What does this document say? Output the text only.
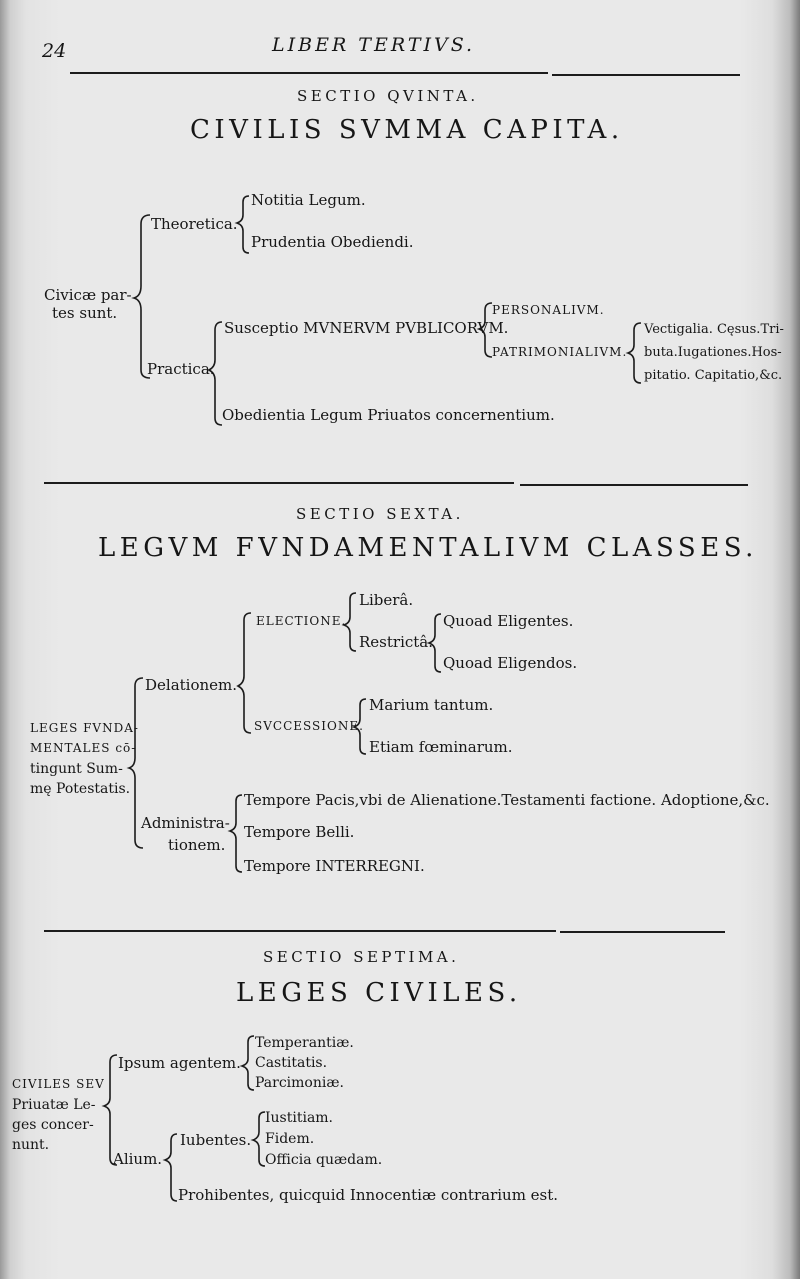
24	LIBER TERTIVS.
SECTIO QVINTA.
CIVILIS SVMMA CAPITA.
Civicæ par-
tes sunt.
Theoretica.
Notitia Legum.
Prudentia Obediendi.
Practica.
Susceptio MVNERVM PVBLICORVM.
PERSONALIVM.
PATRIMONIALIVM.
Vectigalia. Cęsus.Tri-
buta.Iugationes.Hos-
pitatio. Capitatio,&c.
Obedientia Legum Priuatos concernentium.
SECTIO SEXTA.
LEGVM FVNDAMENTALIVM CLASSES.
LEGES FVNDA-
MENTALES cō-
tingunt Sum-
mę Potestatis.
Delationem.
ELECTIONE.
Liberâ.
Restrictâ.
Quoad Eligentes.
Quoad Eligendos.
SVCCESSIONE.
Marium tantum.
Etiam fœminarum.
Administra-
tionem.
Tempore Pacis,vbi de Alienatione.Testamenti factione. Adoptione,&c.
Tempore Belli.
Tempore INTERREGNI.
SECTIO SEPTIMA.
LEGES CIVILES.
CIVILES SEV
Priuatæ Le-
ges concer-
nunt.
Ipsum agentem.
Temperantiæ.
Castitatis.
Parcimoniæ.
Alium.
Iubentes.
Iustitiam.
Fidem.
Officia quædam.
Prohibentes, quicquid Innocentiæ contrarium est.
